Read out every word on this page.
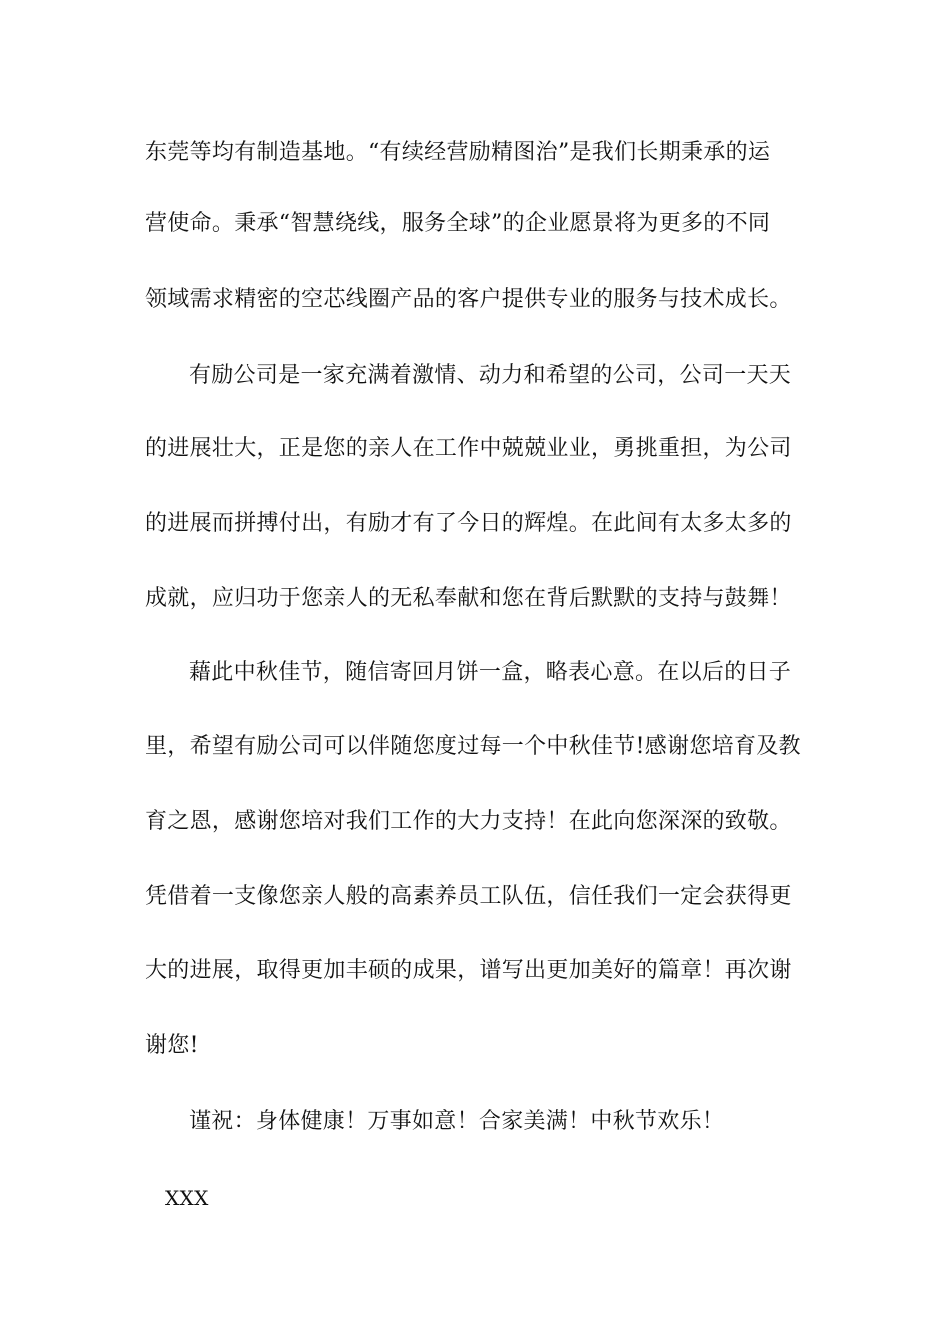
东莞等均有制造基地。“有续经营励精图治”是我们长期秉承的运
营使命。秉承“智慧绕线，服务全球”的企业愿景将为更多的不同
领域需求精密的空芯线圈产品的客户提供专业的服务与技术成长。
有励公司是一家充满着激情、动力和希望的公司，公司一天天
的进展壮大，正是您的亲人在工作中兢兢业业，勇挑重担，为公司
的进展而拼搏付出，有励才有了今日的辉煌。在此间有太多太多的
成就，应归功于您亲人的无私奉献和您在背后默默的支持与鼓舞！
藉此中秋佳节，随信寄回月饼一盒，略表心意。在以后的日子
里，希望有励公司可以伴随您度过每一个中秋佳节!感谢您培育及教
育之恩，感谢您培对我们工作的大力支持！在此向您深深的致敬。
凭借着一支像您亲人般的高素养员工队伍，信任我们一定会获得更
大的进展，取得更加丰硕的成果，谱写出更加美好的篇章！再次谢
谢您!
谨祝：身体健康！万事如意！合家美满！中秋节欢乐！
XXX
